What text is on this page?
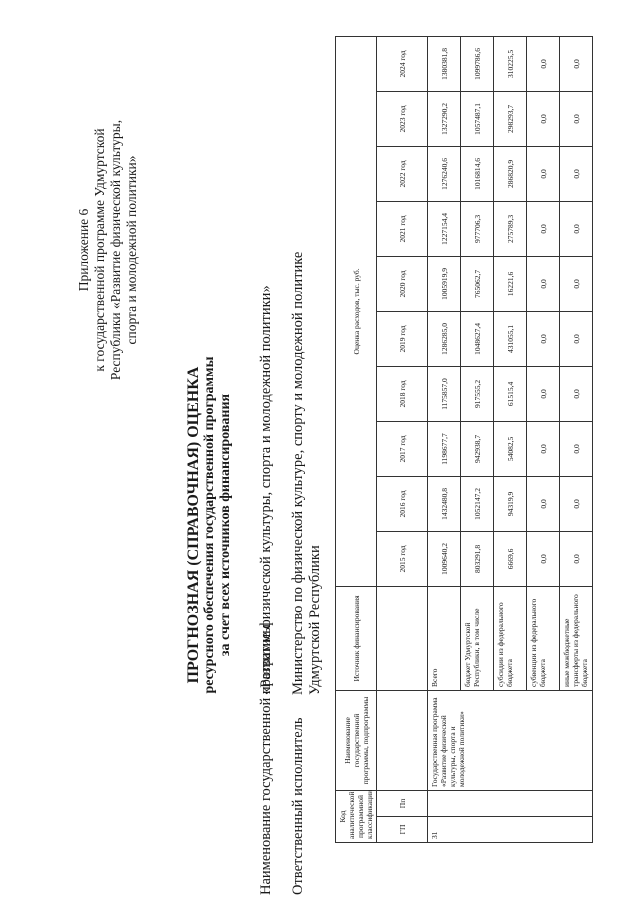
Приложение 6 к государственной программе Удмуртской Республики «Развитие физической культуры, спорта и молодежной политики»
ПРОГНОЗНАЯ (СПРАВОЧНАЯ) ОЦЕНКА ресурсного обеспечения государственной программы за счет всех источников финансирования
Наименование государственной программы
«Развитие физической культуры, спорта и молодежной политики»
Ответственный исполнитель
Министерство по физической культуре, спорту и молодежной политике Удмуртской Республики
Код аналитической программной классификации		Наименование государственной программы, подпрограммы	Источник финансирования	Оценка расходов, тыс. руб.									
ГП	Пп			2015 год	2016 год	2017 год	2018 год	2019 год	2020 год	2021 год	2022 год	2023 год	2024 год

31		Государственная программа «Развитие физической культуры, спорта и молодежной политики»	Всего	1009640,2	1432480,8	1198677,7	1175857,0	1286285,0	1005919,9	1227154,4	1276240,6	1327290,2	1380381,8
			бюджет Удмуртской Республики, в том числе	803291,8	1052147,2	942938,7	917555,2	1048627,4	765062,7	977706,3	1016814,6	1057487,1	1099786,6
			субсидии из федерального бюджета	6669,6	94319,9	54082,5	61515,4	431055,1	16221,6	275789,3	286820,9	298293,7	310225,5
			субвенции из федерального бюджета	0,0	0,0	0,0	0,0	0,0	0,0	0,0	0,0	0,0	0,0
			иные межбюджетные трансферты из федерального бюджета	0,0	0,0	0,0	0,0	0,0	0,0	0,0	0,0	0,0	0,0
